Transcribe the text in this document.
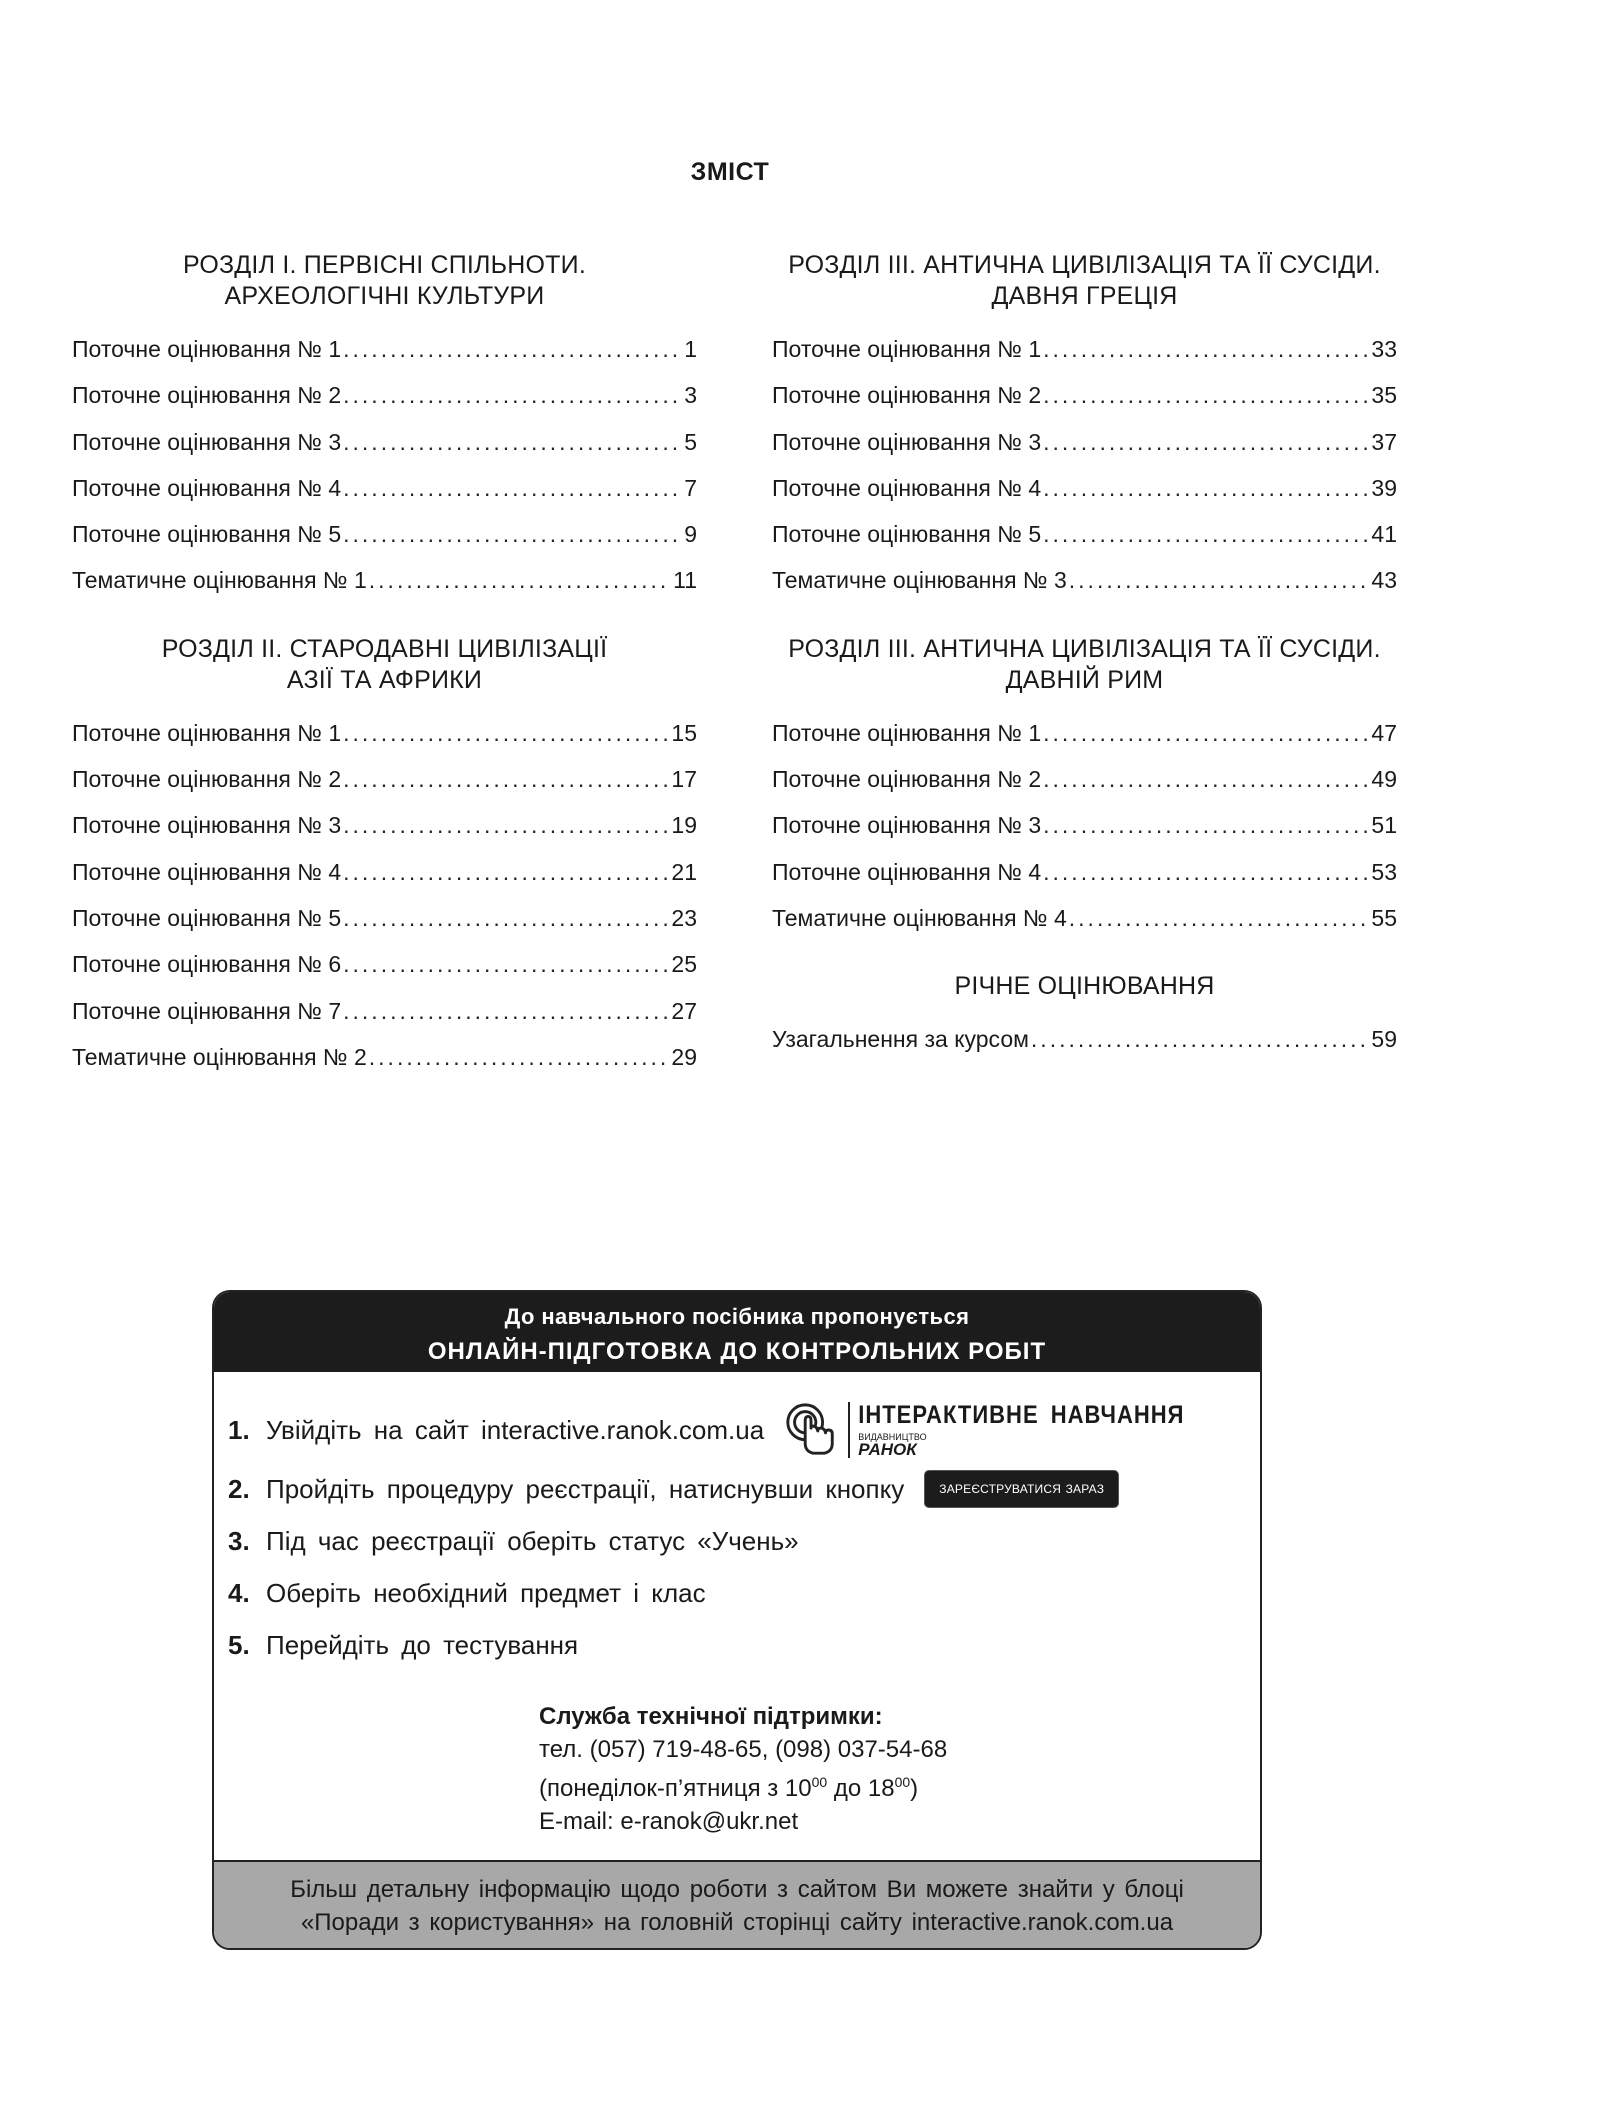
ЗМІСТ
РОЗДІЛ І. ПЕРВІСНІ СПІЛЬНОТИ.
АРХЕОЛОГІЧНІ КУЛЬТУРИ
Поточне оцінювання № 1 .....	1
Поточне оцінювання № 2 .....	3
Поточне оцінювання № 3 .....	5
Поточне оцінювання № 4 .....	7
Поточне оцінювання № 5 .....	9
Тематичне оцінювання № 1 .....	11
РОЗДІЛ ІІ. СТАРОДАВНІ ЦИВІЛІЗАЦІЇ
АЗІЇ ТА АФРИКИ
Поточне оцінювання № 1 .....	15
Поточне оцінювання № 2 .....	17
Поточне оцінювання № 3 .....	19
Поточне оцінювання № 4 .....	21
Поточне оцінювання № 5 .....	23
Поточне оцінювання № 6 .....	25
Поточне оцінювання № 7 .....	27
Тематичне оцінювання № 2 .....	29
РОЗДІЛ ІІІ. АНТИЧНА ЦИВІЛІЗАЦІЯ ТА ЇЇ СУСІДИ.
ДАВНЯ ГРЕЦІЯ
Поточне оцінювання № 1 .....	33
Поточне оцінювання № 2 .....	35
Поточне оцінювання № 3 .....	37
Поточне оцінювання № 4 .....	39
Поточне оцінювання № 5 .....	41
Тематичне оцінювання № 3 .....	43
РОЗДІЛ ІІІ. АНТИЧНА ЦИВІЛІЗАЦІЯ ТА ЇЇ СУСІДИ.
ДАВНІЙ РИМ
Поточне оцінювання № 1 .....	47
Поточне оцінювання № 2 .....	49
Поточне оцінювання № 3 .....	51
Поточне оцінювання № 4 .....	53
Тематичне оцінювання № 4 .....	55
РІЧНЕ ОЦІНЮВАННЯ
Узагальнення за курсом .....	59
До навчального посібника пропонується
ОНЛАЙН-ПІДГОТОВКА ДО КОНТРОЛЬНИХ РОБІТ
1. Увійдіть на сайт interactive.ranok.com.ua
ІНТЕРАКТИВНЕ НАВЧАННЯ
ВИДАВНИЦТВО
РАНОК
2. Пройдіть процедуру реєстрації, натиснувши кнопку	ЗАРЕЄСТРУВАТИСЯ ЗАРАЗ
3. Під час реєстрації оберіть статус «Учень»
4. Оберіть необхідний предмет і клас
5. Перейдіть до тестування
Служба технічної підтримки:
тел. (057) 719-48-65, (098) 037-54-68
(понеділок-п’ятниця з $10^{00}$ до $18^{00}$)
E-mail: e-ranok@ukr.net
Більш детальну інформацію щодо роботи з сайтом Ви можете знайти у блоці
«Поради з користування» на головній сторінці сайту interactive.ranok.com.ua
